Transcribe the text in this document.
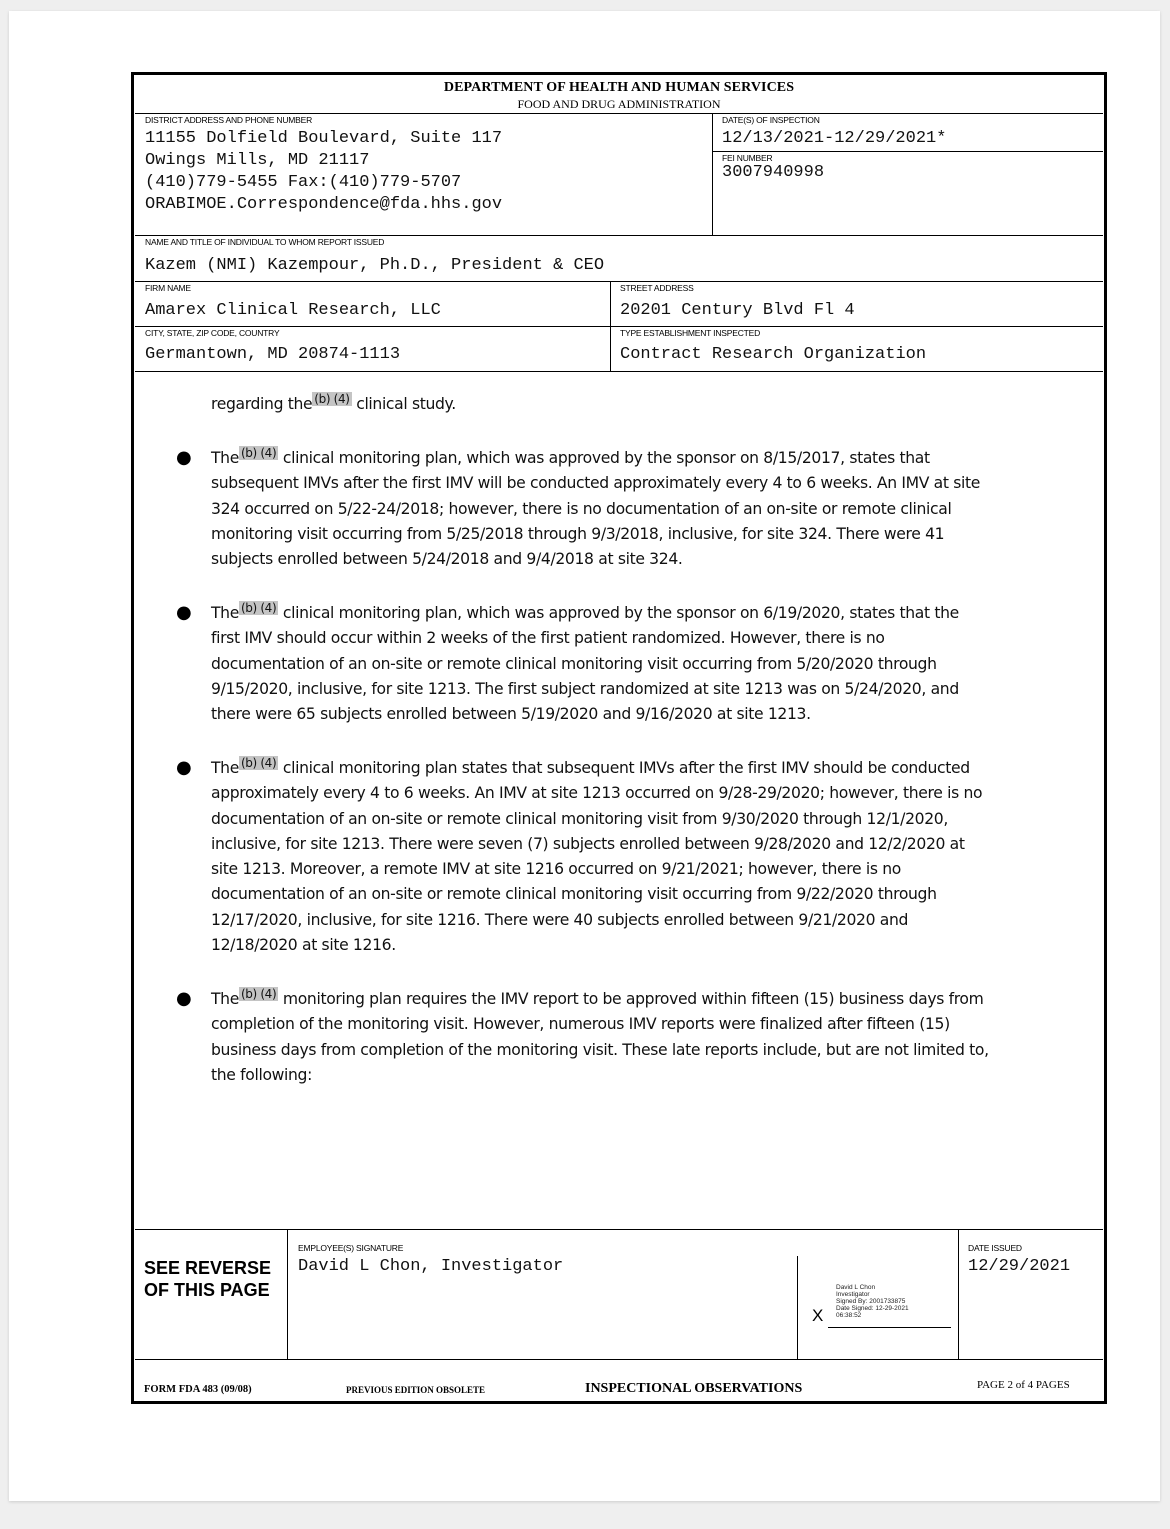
DEPARTMENT OF HEALTH AND HUMAN SERVICES
FOOD AND DRUG ADMINISTRATION
DISTRICT ADDRESS AND PHONE NUMBER
11155 Dolfield Boulevard, Suite 117
Owings Mills, MD 21117
(410)779-5455 Fax:(410)779-5707
ORABIMOE.Correspondence@fda.hhs.gov
DATE(S) OF INSPECTION
12/13/2021-12/29/2021*
FEI NUMBER
3007940998
NAME AND TITLE OF INDIVIDUAL TO WHOM REPORT ISSUED
Kazem (NMI) Kazempour, Ph.D., President & CEO
FIRM NAME
Amarex Clinical Research, LLC
STREET ADDRESS
20201 Century Blvd Fl 4
CITY, STATE, ZIP CODE, COUNTRY
Germantown, MD 20874-1113
TYPE ESTABLISHMENT INSPECTED
Contract Research Organization
regarding the $^{(b) (4)}$ clinical study.
● The $^{(b) (4)}$ clinical monitoring plan, which was approved by the sponsor on 8/15/2017, states that
subsequent IMVs after the first IMV will be conducted approximately every 4 to 6 weeks. An IMV at site
324 occurred on 5/22-24/2018; however, there is no documentation of an on-site or remote clinical
monitoring visit occurring from 5/25/2018 through 9/3/2018, inclusive, for site 324. There were 41
subjects enrolled between 5/24/2018 and 9/4/2018 at site 324.
● The $^{(b) (4)}$ clinical monitoring plan, which was approved by the sponsor on 6/19/2020, states that the
first IMV should occur within 2 weeks of the first patient randomized. However, there is no
documentation of an on-site or remote clinical monitoring visit occurring from 5/20/2020 through
9/15/2020, inclusive, for site 1213. The first subject randomized at site 1213 was on 5/24/2020, and
there were 65 subjects enrolled between 5/19/2020 and 9/16/2020 at site 1213.
● The $^{(b) (4)}$ clinical monitoring plan states that subsequent IMVs after the first IMV should be conducted
approximately every 4 to 6 weeks. An IMV at site 1213 occurred on 9/28-29/2020; however, there is no
documentation of an on-site or remote clinical monitoring visit from 9/30/2020 through 12/1/2020,
inclusive, for site 1213. There were seven (7) subjects enrolled between 9/28/2020 and 12/2/2020 at
site 1213. Moreover, a remote IMV at site 1216 occurred on 9/21/2021; however, there is no
documentation of an on-site or remote clinical monitoring visit occurring from 9/22/2020 through
12/17/2020, inclusive, for site 1216. There were 40 subjects enrolled between 9/21/2020 and
12/18/2020 at site 1216.
● The $^{(b) (4)}$ monitoring plan requires the IMV report to be approved within fifteen (15) business days from
completion of the monitoring visit. However, numerous IMV reports were finalized after fifteen (15)
business days from completion of the monitoring visit. These late reports include, but are not limited to,
the following:
SEE REVERSE
OF THIS PAGE
EMPLOYEE(S) SIGNATURE
David L Chon, Investigator
David L Chon
Investigator
Signed By: 2001733875
Date Signed: 12-29-2021
06:38:52
X
DATE ISSUED
12/29/2021
FORM FDA 483 (09/08)	PREVIOUS EDITION OBSOLETE	INSPECTIONAL OBSERVATIONS	PAGE 2 of 4 PAGES
